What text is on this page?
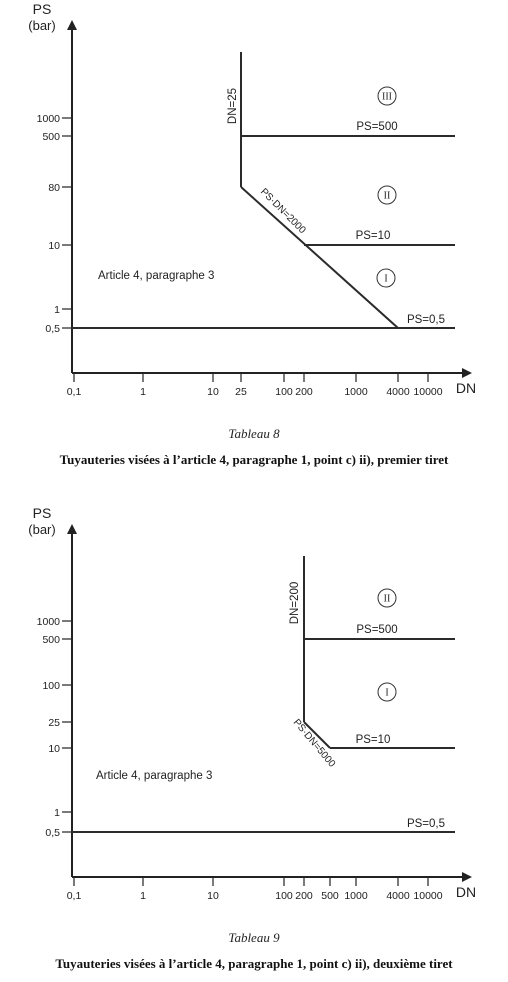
PS
(bar)
DN
1000
500
80
10
1
0,5
0,1	1	10 25	100 200	1000 4000 10000
DN=25
PS=500
PS·DN=2000	PS=10
PS=0,5
III
II
I
Article 4, paragraphe 3
PS
(bar)
DN
1000
500
100
25
10
1
0,5
0,1	1	10	100 200 500 1000 4000 10000
DN=200
PS=500
PS·DN=5000 PS=10
PS=0,5
II
I
Article 4, paragraphe 3
Tableau 8
Tuyauteries visées à l’article 4, paragraphe 1, point c) ii), premier tiret
Tableau 9
Tuyauteries visées à l’article 4, paragraphe 1, point c) ii), deuxième tiret
